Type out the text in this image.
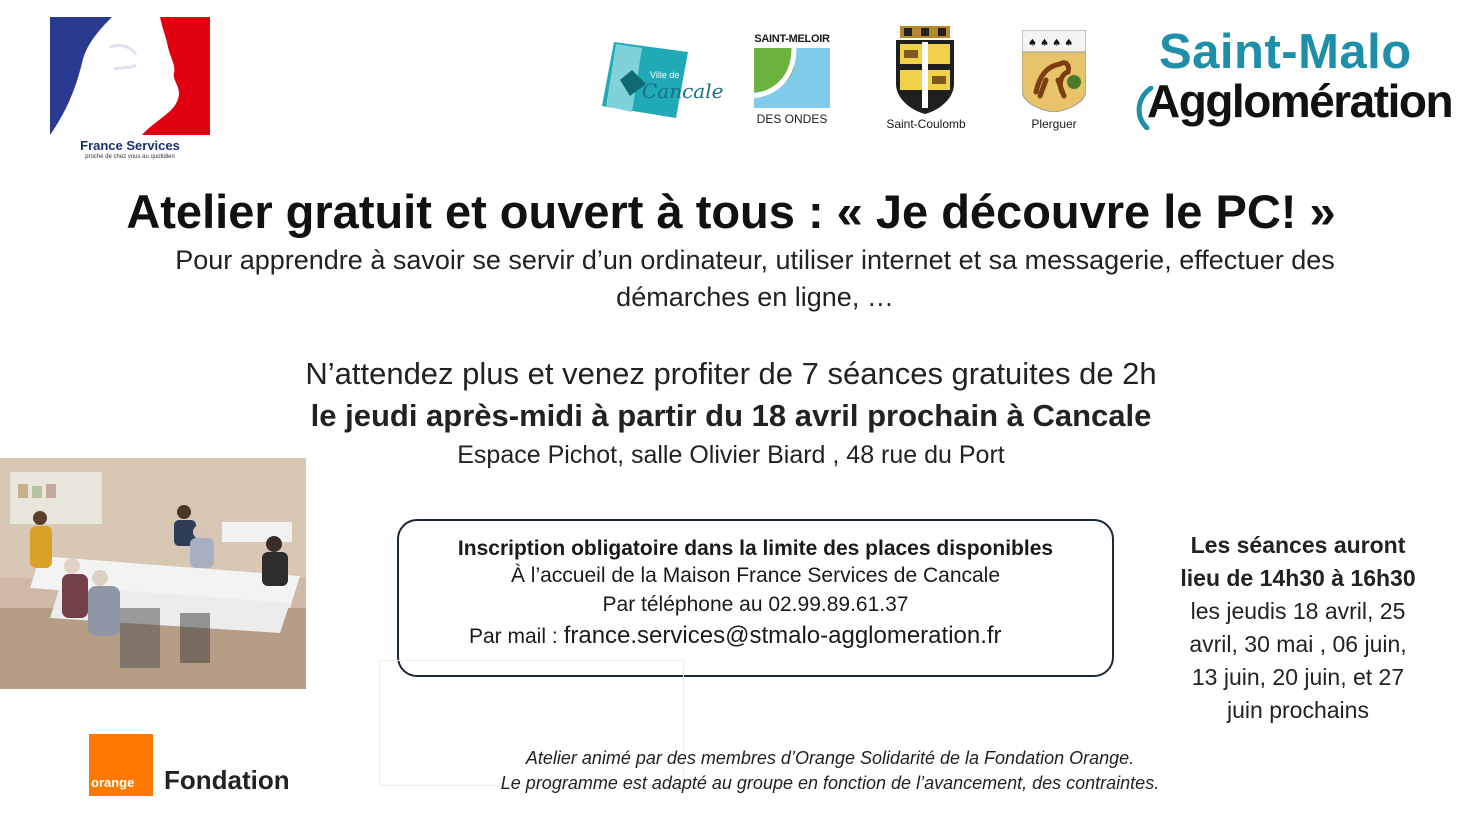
France Services
proche de chez vous au quotidien
Ville de
Cancale
SAINT-MELOIR
DES ONDES	Saint-Coulomb
♠ ♠ ♠ ♠
Plerguer
Saint-Malo
Agglomération
Atelier gratuit et ouvert à tous : « Je découvre le PC! »
Pour apprendre à savoir se servir d’un ordinateur, utiliser internet et sa messagerie, effectuer des démarches en ligne, …
N’attendez plus et venez profiter de 7 séances gratuites de 2h
le jeudi après-midi à partir du 18 avril prochain à Cancale
Espace Pichot, salle Olivier Biard , 48 rue du Port
Inscription obligatoire dans la limite des places disponibles
À l’accueil de la Maison France Services de Cancale
Par téléphone au 02.99.89.61.37
Par mail : france.services@stmalo-agglomeration.fr
Les séances auront
lieu de 14h30 à 16h30
les jeudis 18 avril, 25
avril, 30 mai , 06 juin,
13 juin, 20 juin, et 27
juin prochains
orange Fondation
Atelier animé par des membres d’Orange Solidarité de la Fondation Orange.
Le programme est adapté au groupe en fonction de l’avancement, des contraintes.
